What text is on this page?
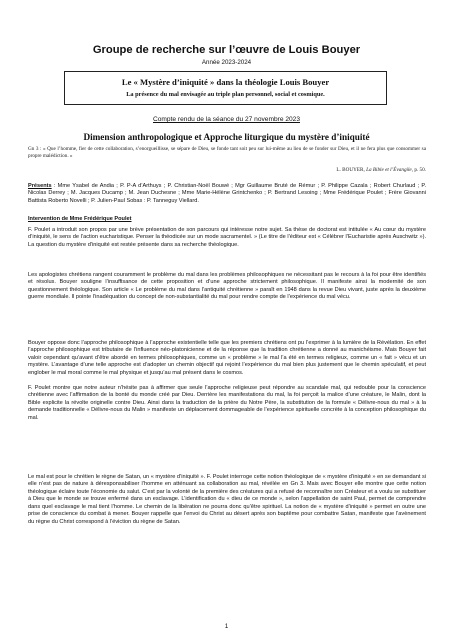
Groupe de recherche sur l’œuvre de Louis Bouyer
Année 2023-2024
Le « Mystère d’iniquité » dans la théologie Louis Bouyer
La présence du mal envisagée au triple plan personnel, social et cosmique.
Compte rendu de la séance du 27 novembre 2023
Dimension anthropologique et Approche liturgique du mystère d’iniquité
Gn 3 : « Que l’homme, fier de cette collaboration, s’enorgueillisse, se sépare de Dieu, se fonde tant soit peu sur lui-même au lieu de se fonder sur Dieu, et il ne fera plus que consommer sa propre malédiction. »
L. BOUYER, La Bible et l’Évangile, p. 50.
Présents : Mme Ysabel de Andia ; P. P-A d’Arthuys ; P. Christian-Noël Bouwé ; Mgr Guillaume Bruté de Rémur ; P. Philippe Cazala ; Robert Churlaud ; P. Nicolas Derrey ; M. Jacques Ducamp ; M. Jean Duchesne ; Mme Marie-Hélène Grintchenko ; P. Bertrand Lesoing ; Mme Frédérique Poulet ; Frère Giovanni Battista Roberto Novelli ; P. Julien-Paul Sobas : P. Tanneguy Viellard.
Intervention de Mme Frédérique Poulet
F. Poulet a introduit son propos par une brève présentation de son parcours qui intéresse notre sujet. Sa thèse de doctorat est intitulée « Au cœur du mystère d’iniquité, le sens de l’action eucharistique. Penser la théodicée sur un mode sacramentel. » (Le titre de l’éditeur est « Célébrer l’Eucharistie après Auschwitz »). La question du mystère d’iniquité est restée présente dans sa recherche théologique.
Les apologistes chrétiens rangent couramment le problème du mal dans les problèmes philosophiques ne nécessitant pas le recours à la foi pour être identifiés et résolus. Bouyer souligne l’insuffisance de cette proposition et d’une approche strictement philosophique. Il manifeste ainsi la modernité de son questionnement théologique. Son article « Le problème du mal dans l’antiquité chrétienne » paraît en 1948 dans la revue Dieu vivant, juste après la deuxième guerre mondiale. Il pointe l’inadéquation du concept de non-substantialité du mal pour rendre compte de l’expérience du mal vécu.
Bouyer oppose donc l’approche philosophique à l’approche existentielle telle que les premiers chrétiens ont pu l’exprimer à la lumière de la Révélation. En effet l’approche philosophique est tributaire de l’influence néo-platonicienne et de la réponse que la tradition chrétienne a donné au manichéisme. Mais Bouyer fait valoir cependant qu’avant d’être abordé en termes philosophiques, comme un « problème » le mal l’a été en termes religieux, comme un « fait » vécu et un mystère. L’avantage d’une telle approche est d’adopter un chemin objectif qui rejoint l’expérience du mal bien plus justement que le chemin spéculatif, et peut englober le mal moral comme le mal physique et jusqu’au mal présent dans le cosmos.
F. Poulet montre que notre auteur n’hésite pas à affirmer que seule l’approche religieuse peut répondre au scandale mal, qui redouble pour la conscience chrétienne avec l’affirmation de la bonté du monde créé par Dieu. Derrière les manifestations du mal, la foi perçoit la malice d’une créature, le Malin, dont la Bible explicite la révolte originelle contre Dieu. Ainsi dans la traduction de la prière du Notre Père, la substitution de la formule « Délivre-nous du mal » à la demande traditionnelle « Délivre-nous du Malin » manifeste un déplacement dommageable de l’expérience spirituelle concrète à la conception philosophique du mal.
Le mal est pour le chrétien le règne de Satan, un « mystère d’iniquité ». F. Poulet interroge cette notion théologique de « mystère d’iniquité » en se demandant si elle n’est pas de nature à déresponsabiliser l’homme en atténuant sa collaboration au mal, révélée en Gn 3. Mais avec Bouyer elle montre que cette notion théologique éclaire toute l’économie du salut. C’est par la volonté de la première des créatures qui a refusé de reconnaître son Créateur et a voulu se substituer à Dieu que le monde se trouve enfermé dans un esclavage. L’identification du « dieu de ce monde », selon l’appellation de saint Paul, permet de comprendre dans quel esclavage le mal tient l’homme. Le chemin de la libération ne pourra donc qu’être spirituel. La notion de « mystère d’iniquité » permet en outre une prise de conscience du combat à mener. Bouyer rappelle que l’envoi du Christ au désert après son baptême pour combattre Satan, manifeste que l’avènement du règne du Christ correspond à l’éviction du règne de Satan.
1
